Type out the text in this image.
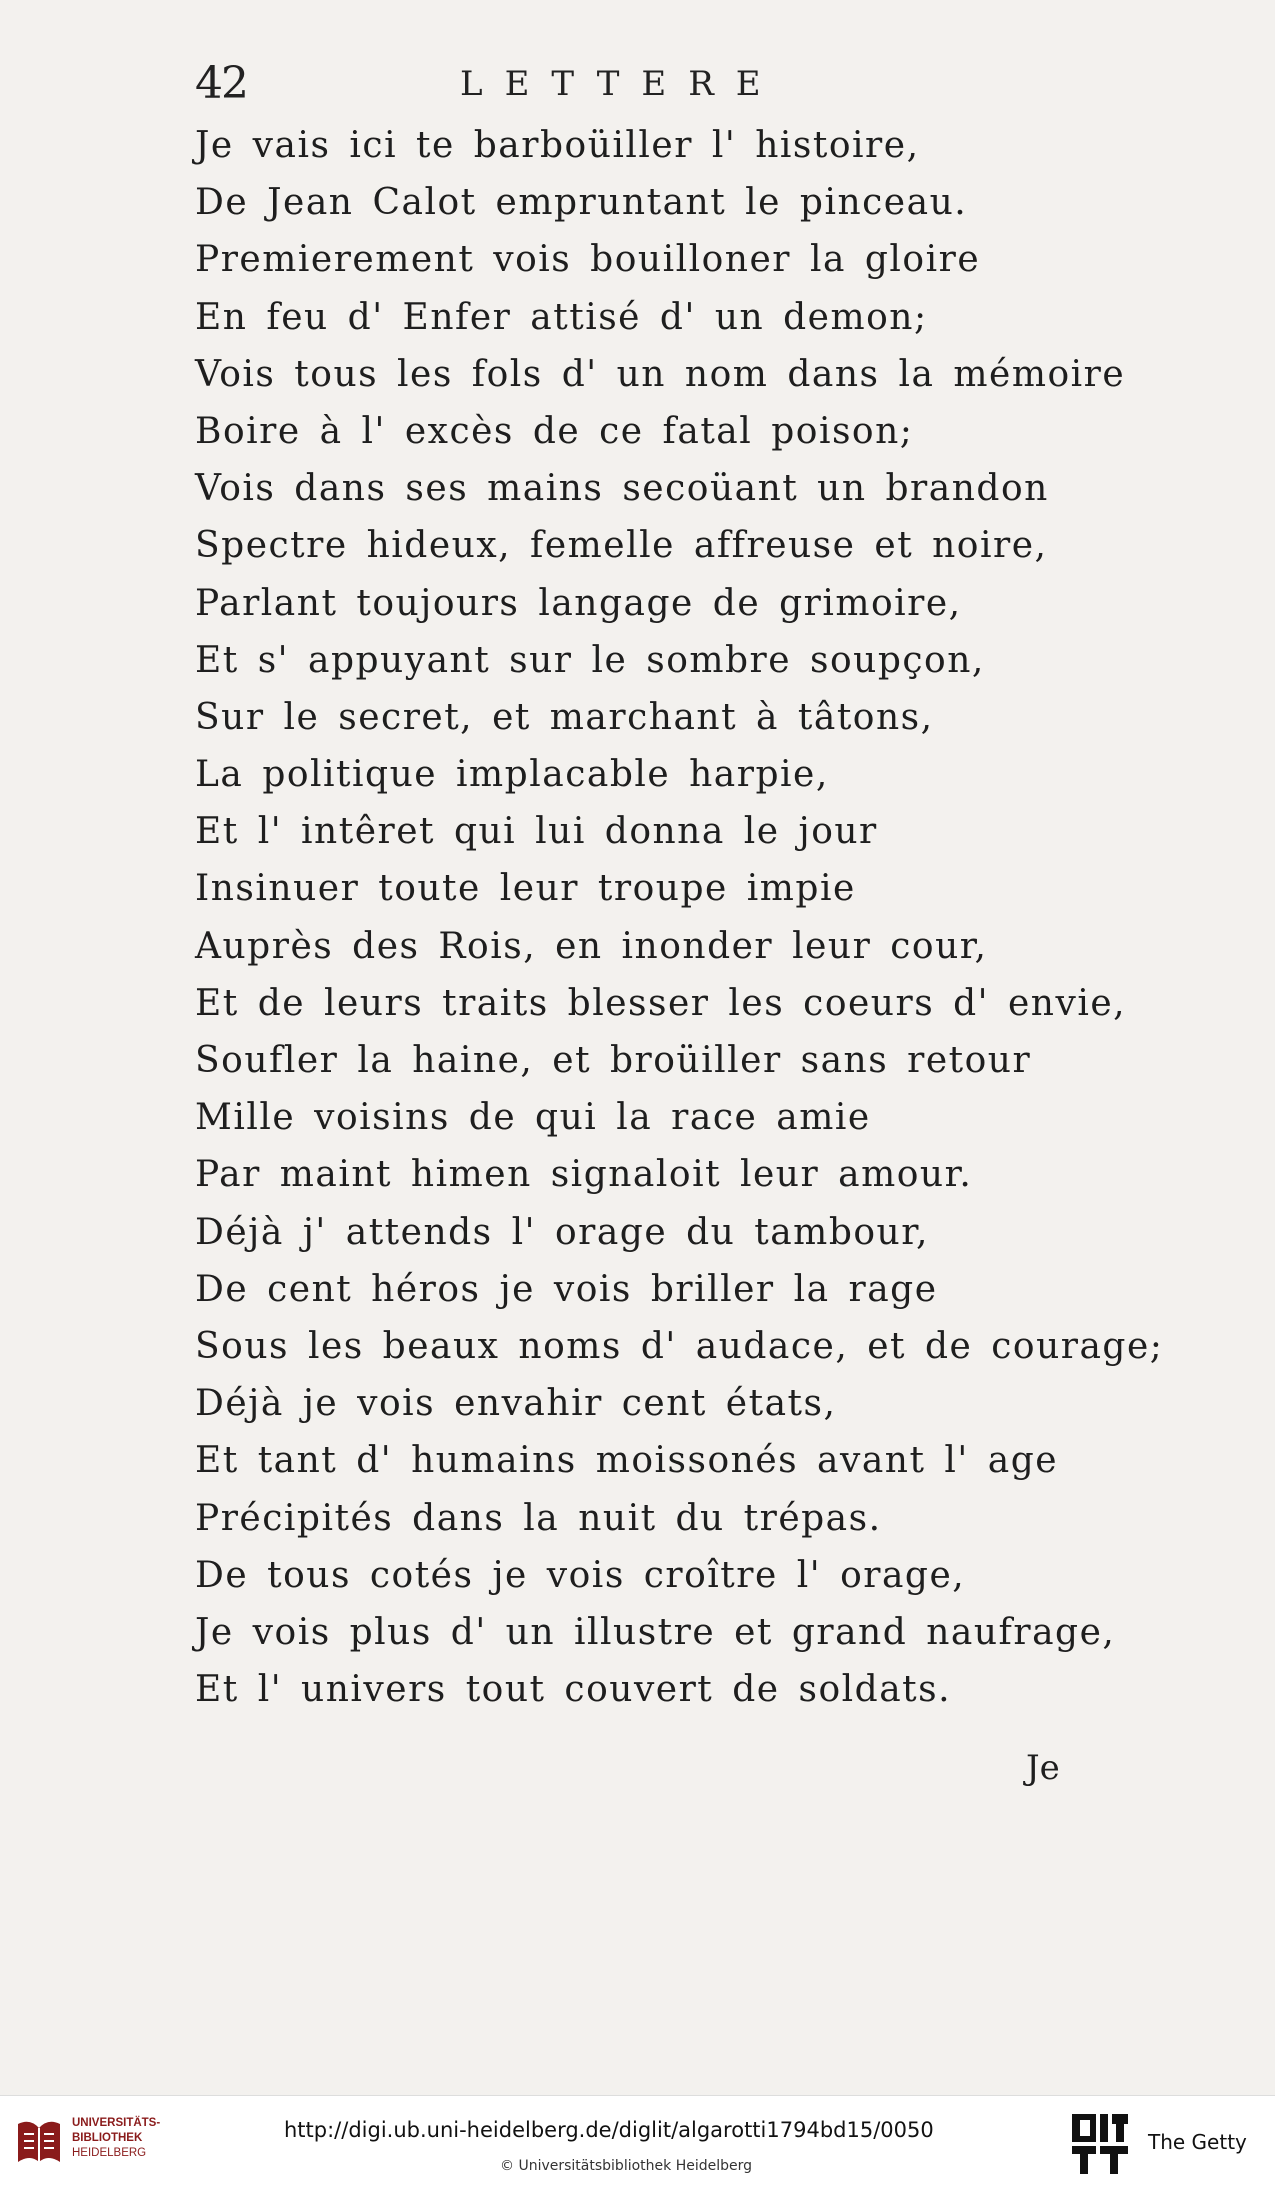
42	LETTERE
Je vais ici te barboüiller l' histoire,
De Jean Calot empruntant le pinceau.
Premierement vois bouilloner la gloire
En feu d' Enfer attisé d' un demon;
Vois tous les fols d' un nom dans la mémoire
Boire à l' excès de ce fatal poison;
Vois dans ses mains secoüant un brandon
Spectre hideux, femelle affreuse et noire,
Parlant toujours langage de grimoire,
Et s' appuyant sur le sombre soupçon,
Sur le secret, et marchant à tâtons,
La politique implacable harpie,
Et l' intêret qui lui donna le jour
Insinuer toute leur troupe impie
Auprès des Rois, en inonder leur cour,
Et de leurs traits blesser les coeurs d' envie,
Soufler la haine, et broüiller sans retour
Mille voisins de qui la race amie
Par maint himen signaloit leur amour.
Déjà j' attends l' orage du tambour,
De cent héros je vois briller la rage
Sous les beaux noms d' audace, et de courage;
Déjà je vois envahir cent états,
Et tant d' humains moissonés avant l' age
Précipités dans la nuit du trépas.
De tous cotés je vois croître l' orage,
Je vois plus d' un illustre et grand naufrage,
Et l' univers tout couvert de soldats.
Je
UNIVERSITÄTS-
BIBLIOTHEK
HEIDELBERG
http://digi.ub.uni-heidelberg.de/diglit/algarotti1794bd15/0050
© Universitätsbibliothek Heidelberg
The Getty
